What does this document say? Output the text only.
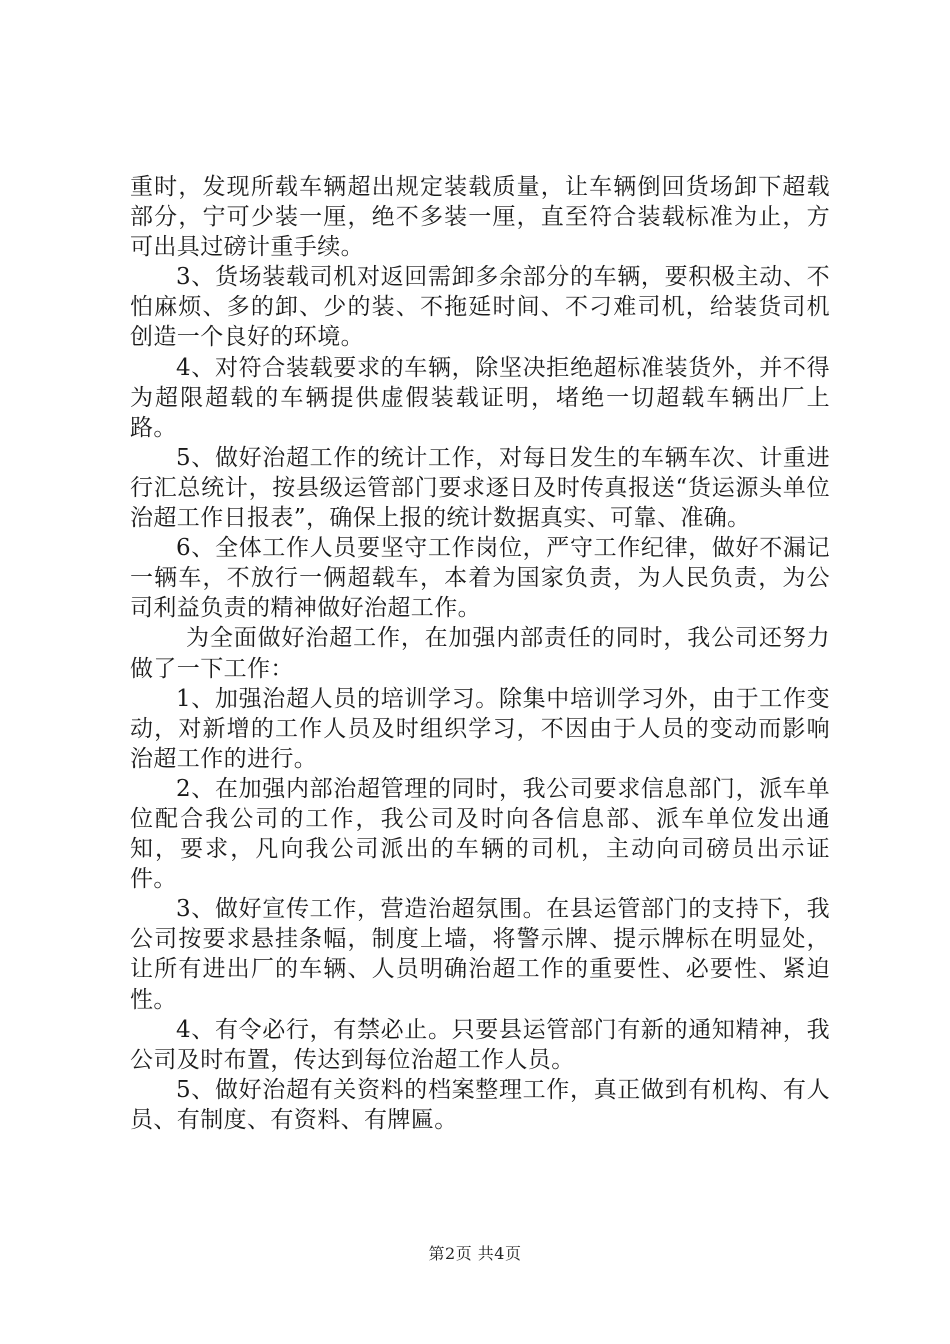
重时，发现所载车辆超出规定装载质量，让车辆倒回货场卸下超载部分，宁可少装一厘，绝不多装一厘，直至符合装载标准为止，方可出具过磅计重手续。

3、货场装载司机对返回需卸多余部分的车辆，要积极主动、不怕麻烦、多的卸、少的装、不拖延时间、不刁难司机，给装货司机创造一个良好的环境。

4、对符合装载要求的车辆，除坚决拒绝超标准装货外，并不得为超限超载的车辆提供虚假装载证明，堵绝一切超载车辆出厂上路。

5、做好治超工作的统计工作，对每日发生的车辆车次、计重进行汇总统计，按县级运管部门要求逐日及时传真报送“货运源头单位治超工作日报表”，确保上报的统计数据真实、可靠、准确。

6、全体工作人员要坚守工作岗位，严守工作纪律，做好不漏记一辆车，不放行一俩超载车，本着为国家负责，为人民负责，为公司利益负责的精神做好治超工作。

为全面做好治超工作，在加强内部责任的同时，我公司还努力做了一下工作：

1、加强治超人员的培训学习。除集中培训学习外，由于工作变动，对新增的工作人员及时组织学习，不因由于人员的变动而影响治超工作的进行。

2、在加强内部治超管理的同时，我公司要求信息部门，派车单位配合我公司的工作，我公司及时向各信息部、派车单位发出通知，要求，凡向我公司派出的车辆的司机，主动向司磅员出示证件。

3、做好宣传工作，营造治超氛围。在县运管部门的支持下，我公司按要求悬挂条幅，制度上墙，将警示牌、提示牌标在明显处，让所有进出厂的车辆、人员明确治超工作的重要性、必要性、紧迫性。

4、有令必行，有禁必止。只要县运管部门有新的通知精神，我公司及时布置，传达到每位治超工作人员。

5、做好治超有关资料的档案整理工作，真正做到有机构、有人员、有制度、有资料、有牌匾。

第2页 共4页
